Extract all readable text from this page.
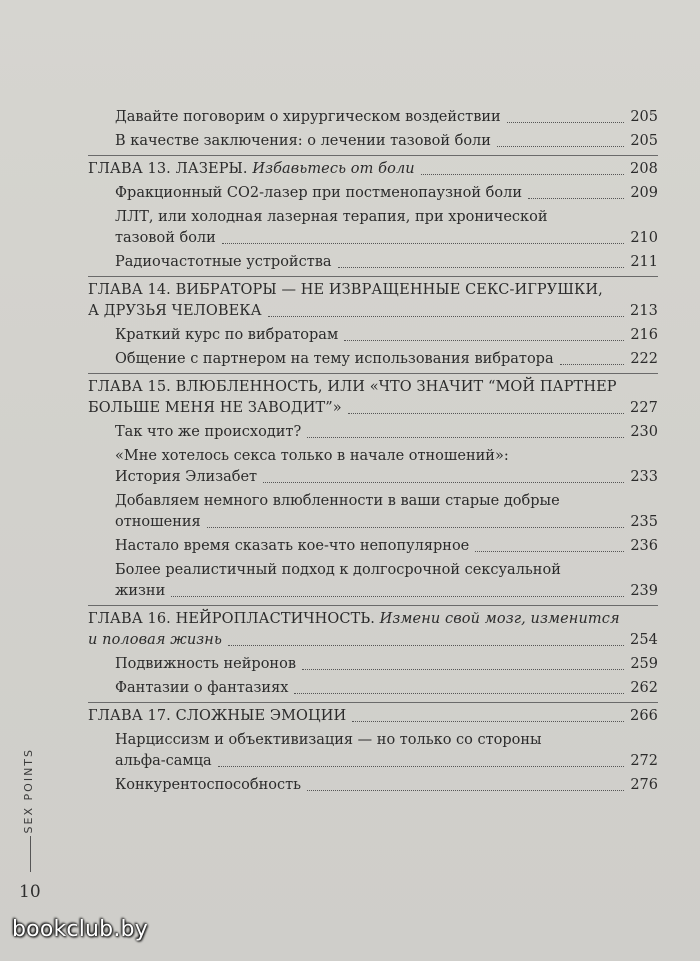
Давайте поговорим о хирургическом воздействии	205
В качестве заключения: о лечении тазовой боли	205
ГЛАВА 13. ЛАЗЕРЫ. Избавьтесь от боли	208
Фракционный CO2-лазер при постменопаузной боли	209
ЛЛТ, или холодная лазерная терапия, при хронической
тазовой боли	210
Радиочастотные устройства	211
ГЛАВА 14. ВИБРАТОРЫ — НЕ ИЗВРАЩЕННЫЕ СЕКС-ИГРУШКИ,
А ДРУЗЬЯ ЧЕЛОВЕКА	213
Краткий курс по вибраторам	216
Общение с партнером на тему использования вибратора	222
ГЛАВА 15. ВЛЮБЛЕННОСТЬ, ИЛИ «ЧТО ЗНАЧИТ “МОЙ ПАРТНЕР
БОЛЬШЕ МЕНЯ НЕ ЗАВОДИТ”»	227
Так что же происходит?	230
«Мне хотелось секса только в начале отношений»:
История Элизабет	233
Добавляем немного влюбленности в ваши старые добрые
отношения	235
Настало время сказать кое-что непопулярное	236
Более реалистичный подход к долгосрочной сексуальной
жизни	239
ГЛАВА 16. НЕЙРОПЛАСТИЧНОСТЬ. Измени свой мозг, изменится
и половая жизнь	254
Подвижность нейронов	259
Фантазии о фантазиях	262
ГЛАВА 17. СЛОЖНЫЕ ЭМОЦИИ	266
Нарциссизм и объективизация — но только со стороны
альфа-самца	272
Конкурентоспособность	276
SEX POINTS
10
bookclub.by
